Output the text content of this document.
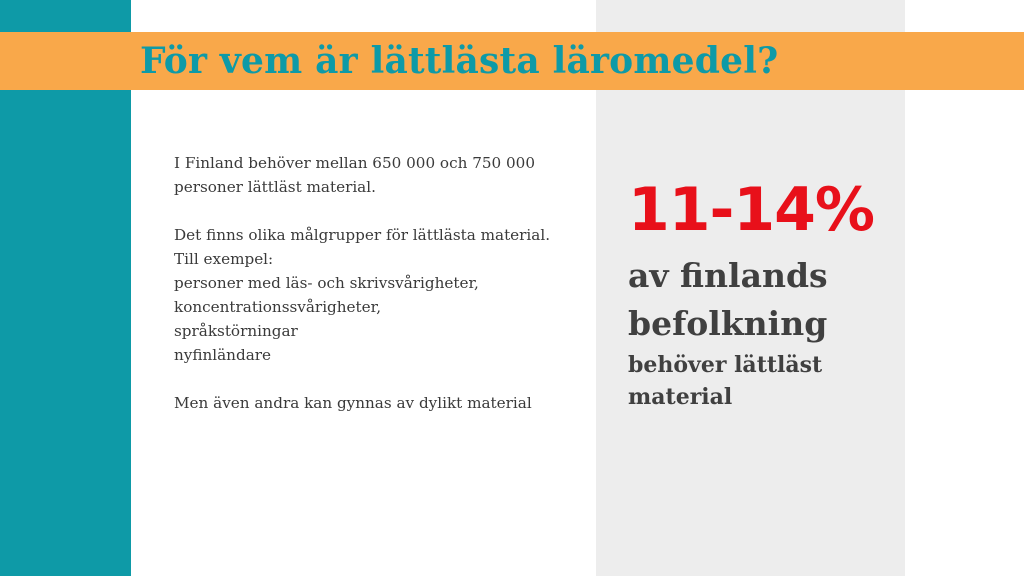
För vem är lättlästa läromedel?

I Finland behöver mellan 650 000 och 750 000 personer lättläst material.

Det finns olika målgrupper för lättlästa material.

Till exempel:

personer med läs- och skrivsvårigheter,

koncentrationssvårigheter,

språkstörningar

nyfinländare

Men även andra kan gynnas av dylikt material

11-14%
av finlands
befolkning
behöver lättläst material
